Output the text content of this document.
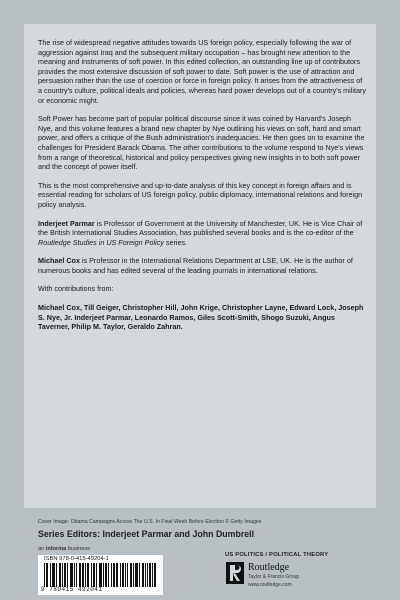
The rise of widespread negative attitudes towards US foreign policy, especially following the war of aggression against Iraq and the subsequent military occupation – has brought new attention to the meaning and instruments of soft power. In this edited collection, an outstanding line up of contributors provides the most extensive discussion of soft power to date. Soft power is the use of attraction and persuasion rather than the use of coercion or force in foreign policy. It arises from the attractiveness of a country's culture, political ideals and policies, whereas hard power develops out of a country's military or economic might.

Soft Power has become part of popular political discourse since it was coined by Harvard's Joseph Nye, and this volume features a brand new chapter by Nye outlining his views on soft, hard and smart power, and offers a critique of the Bush administration's inadequacies. He then goes on to examine the challenges for President Barack Obama. The other contributions to the volume respond to Nye's views from a range of theoretical, historical and policy perspectives giving new insights in to both soft power and the concept of power itself.

This is the most comprehensive and up-to-date analysis of this key concept in foreign affairs and is essential reading for scholars of US foreign policy, public diplomacy, international relations and foreign policy analysis.

Inderjeet Parmar is Professor of Government at the University of Manchester, UK. He is Vice Chair of the British International Studies Association, has published several books and is the co-editor of the Routledge Studies in US Foreign Policy series.

Michael Cox is Professor in the International Relations Department at LSE, UK. He is the author of numerous books and has edited several of the leading journals in international relations.

With contributions from:

Michael Cox, Till Geiger, Christopher Hill, John Krige, Christopher Layne, Edward Lock, Joseph S. Nye, Jr. Inderjeet Parmar, Leonardo Ramos, Giles Scott-Smith, Shogo Suzuki, Angus Taverner, Philip M. Taylor, Geraldo Zahran.

Cover Image: Obama Campaigns Across The U.S. In Final Week Before Election © Getty Images
Series Editors: Inderjeet Parmar and John Dumbrell
an informa business
ISBN 978-0-415-49204-1
9 780415 492041
US POLITICS / POLITICAL THEORY
Routledge
Taylor & Francis Group
www.routledge.com
